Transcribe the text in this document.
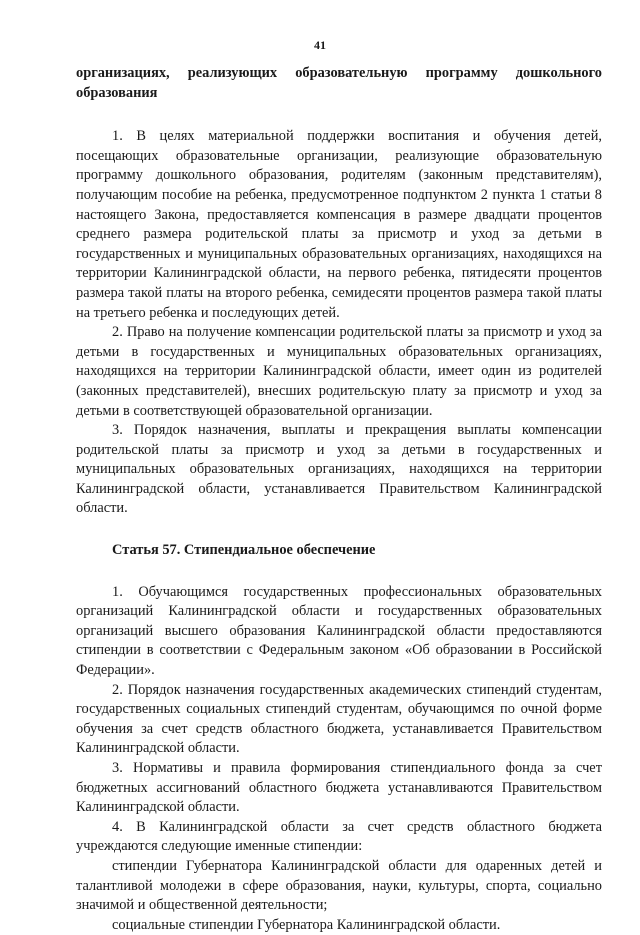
41

организациях, реализующих образовательную программу дошкольного образования

1. В целях материальной поддержки воспитания и обучения детей, посещающих образовательные организации, реализующие образовательную программу дошкольного образования, родителям (законным представителям), получающим пособие на ребенка, предусмотренное подпунктом 2 пункта 1 статьи 8 настоящего Закона, предоставляется компенсация в размере двадцати процентов среднего размера родительской платы за присмотр и уход за детьми в государственных и муниципальных образовательных организациях, находящихся на территории Калининградской области, на первого ребенка, пятидесяти процентов размера такой платы на второго ребенка, семидесяти процентов размера такой платы на третьего ребенка и последующих детей.

2. Право на получение компенсации родительской платы за присмотр и уход за детьми в государственных и муниципальных образовательных организациях, находящихся на территории Калининградской области, имеет один из родителей (законных представителей), внесших родительскую плату за присмотр и уход за детьми в соответствующей образовательной организации.

3. Порядок назначения, выплаты и прекращения выплаты компенсации родительской платы за присмотр и уход за детьми в государственных и муниципальных образовательных организациях, находящихся на территории Калининградской области, устанавливается Правительством Калининградской области.

Статья 57. Стипендиальное обеспечение

1. Обучающимся государственных профессиональных образовательных организаций Калининградской области и государственных образовательных организаций высшего образования Калининградской области предоставляются стипендии в соответствии с Федеральным законом «Об образовании в Российской Федерации».

2. Порядок назначения государственных академических стипендий студентам, государственных социальных стипендий студентам, обучающимся по очной форме обучения за счет средств областного бюджета, устанавливается Правительством Калининградской области.

3. Нормативы и правила формирования стипендиального фонда за счет бюджетных ассигнований областного бюджета устанавливаются Правительством Калининградской области.

4. В Калининградской области за счет средств областного бюджета учреждаются следующие именные стипендии:

стипендии Губернатора Калининградской области для одаренных детей и талантливой молодежи в сфере образования, науки, культуры, спорта, социально значимой и общественной деятельности;

социальные стипендии Губернатора Калининградской области.
